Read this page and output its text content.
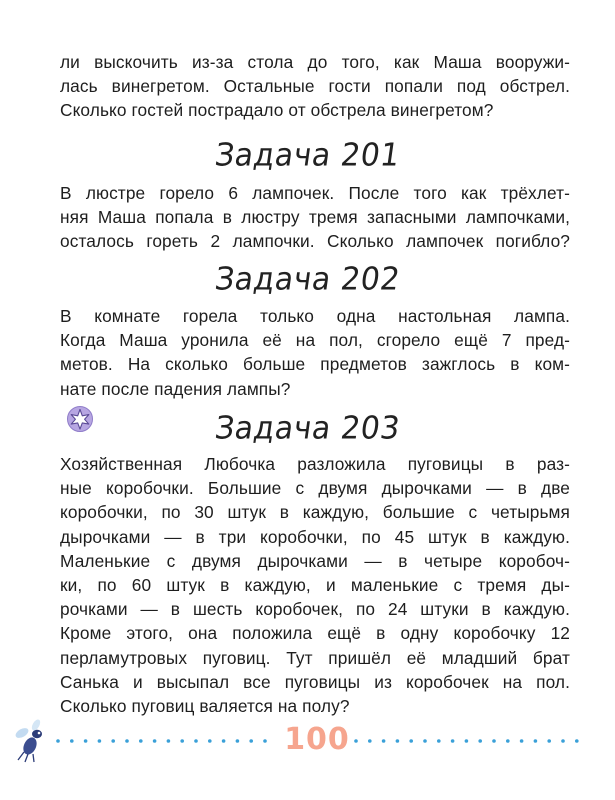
ли выскочить из-за стола до того, как Маша вооружи-
лась винегретом. Остальные гости попали под обстрел.
Сколько гостей пострадало от обстрела винегретом?
Задача 201
В люстре горело 6 лампочек. После того как трёхлет-
няя Маша попала в люстру тремя запасными лампочками,
осталось гореть 2 лампочки. Сколько лампочек погибло?
Задача 202
В комнате горела только одна настольная лампа.
Когда Маша уронила её на пол, сгорело ещё 7 пред-
метов. На сколько больше предметов зажглось в ком-
нате после падения лампы?
Задача 203
Хозяйственная Любочка разложила пуговицы в раз-
ные коробочки. Большие с двумя дырочками — в две
коробочки, по 30 штук в каждую, большие с четырьмя
дырочками — в три коробочки, по 45 штук в каждую.
Маленькие с двумя дырочками — в четыре коробоч-
ки, по 60 штук в каждую, и маленькие с тремя ды-
рочками — в шесть коробочек, по 24 штуки в каждую.
Кроме этого, она положила ещё в одну коробочку 12
перламутровых пуговиц. Тут пришёл её младший брат
Санька и высыпал все пуговицы из коробочек на пол.
Сколько пуговиц валяется на полу?
100
